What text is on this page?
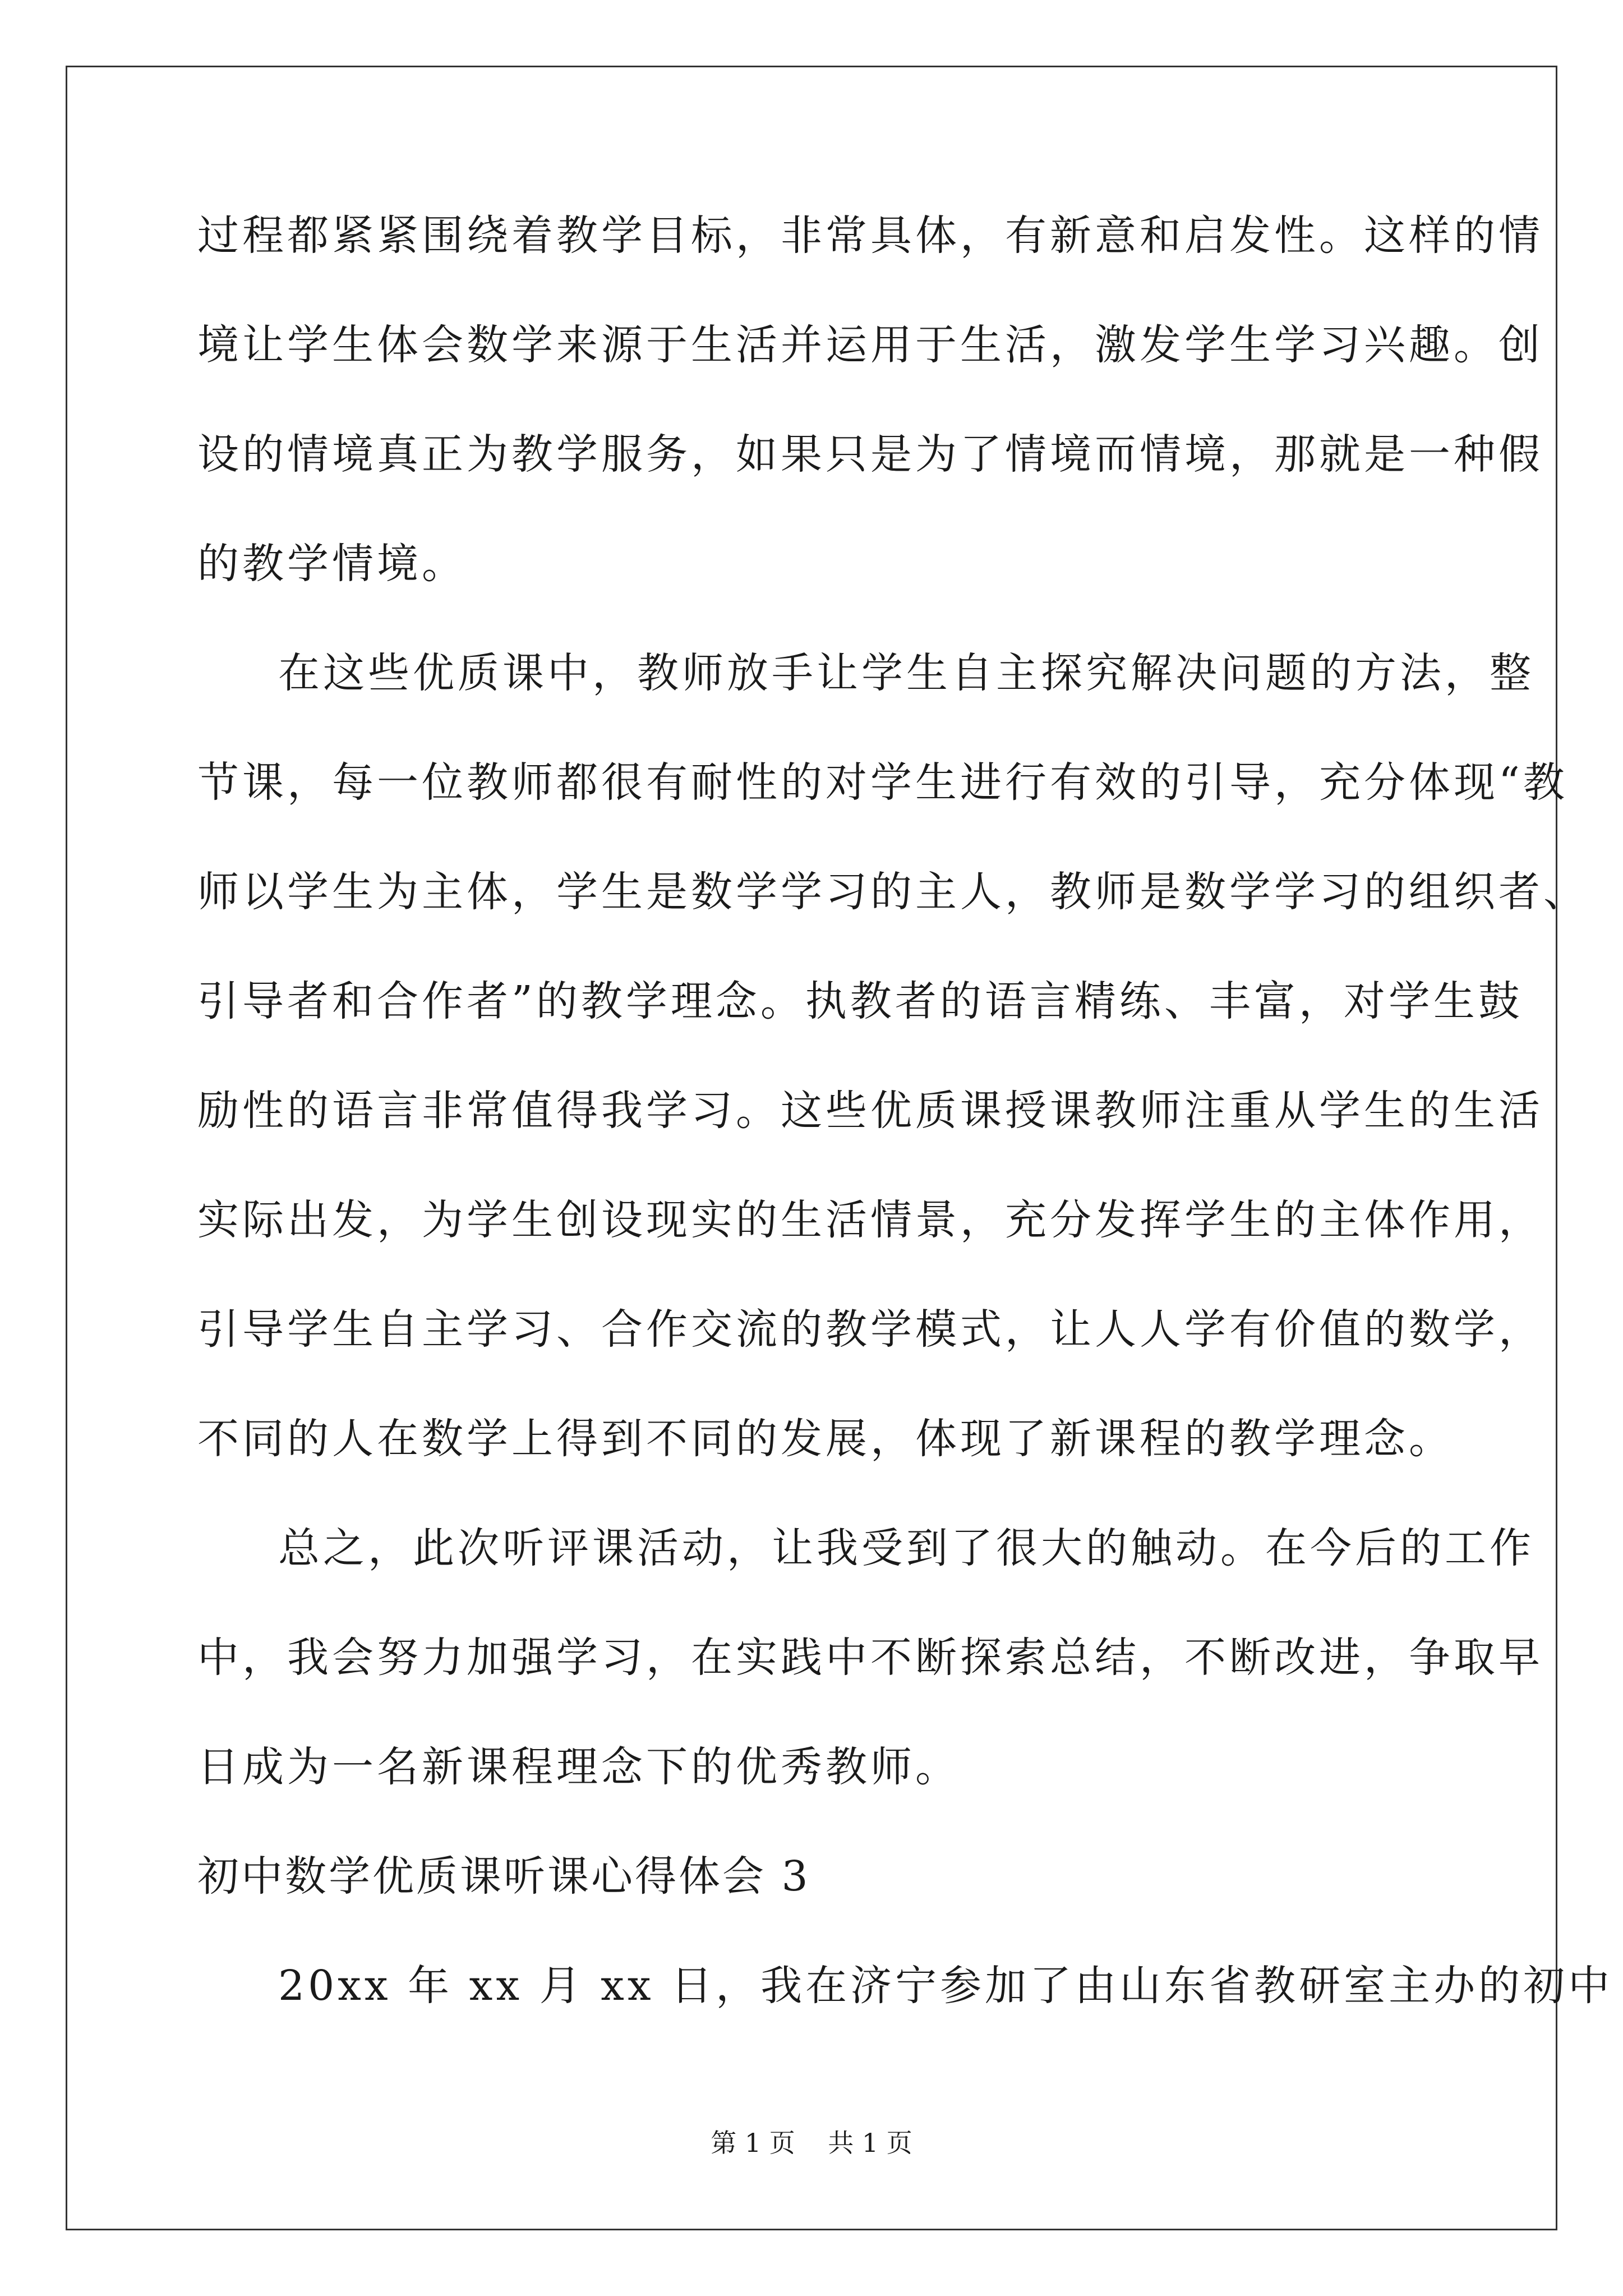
过程都紧紧围绕着教学目标，非常具体，有新意和启发性。这样的情
境让学生体会数学来源于生活并运用于生活，激发学生学习兴趣。创
设的情境真正为教学服务，如果只是为了情境而情境，那就是一种假
的教学情境。
在这些优质课中，教师放手让学生自主探究解决问题的方法，整
节课，每一位教师都很有耐性的对学生进行有效的引导，充分体现“教
师以学生为主体，学生是数学学习的主人，教师是数学学习的组织者、
引导者和合作者”的教学理念。执教者的语言精练、丰富，对学生鼓
励性的语言非常值得我学习。这些优质课授课教师注重从学生的生活
实际出发，为学生创设现实的生活情景，充分发挥学生的主体作用，
引导学生自主学习、合作交流的教学模式，让人人学有价值的数学，
不同的人在数学上得到不同的发展，体现了新课程的教学理念。
总之，此次听评课活动，让我受到了很大的触动。在今后的工作
中，我会努力加强学习，在实践中不断探索总结，不断改进，争取早
日成为一名新课程理念下的优秀教师。
初中数学优质课听课心得体会 3
20xx 年 xx 月 xx 日，我在济宁参加了由山东省教研室主办的初中
第 1 页    共 1 页
